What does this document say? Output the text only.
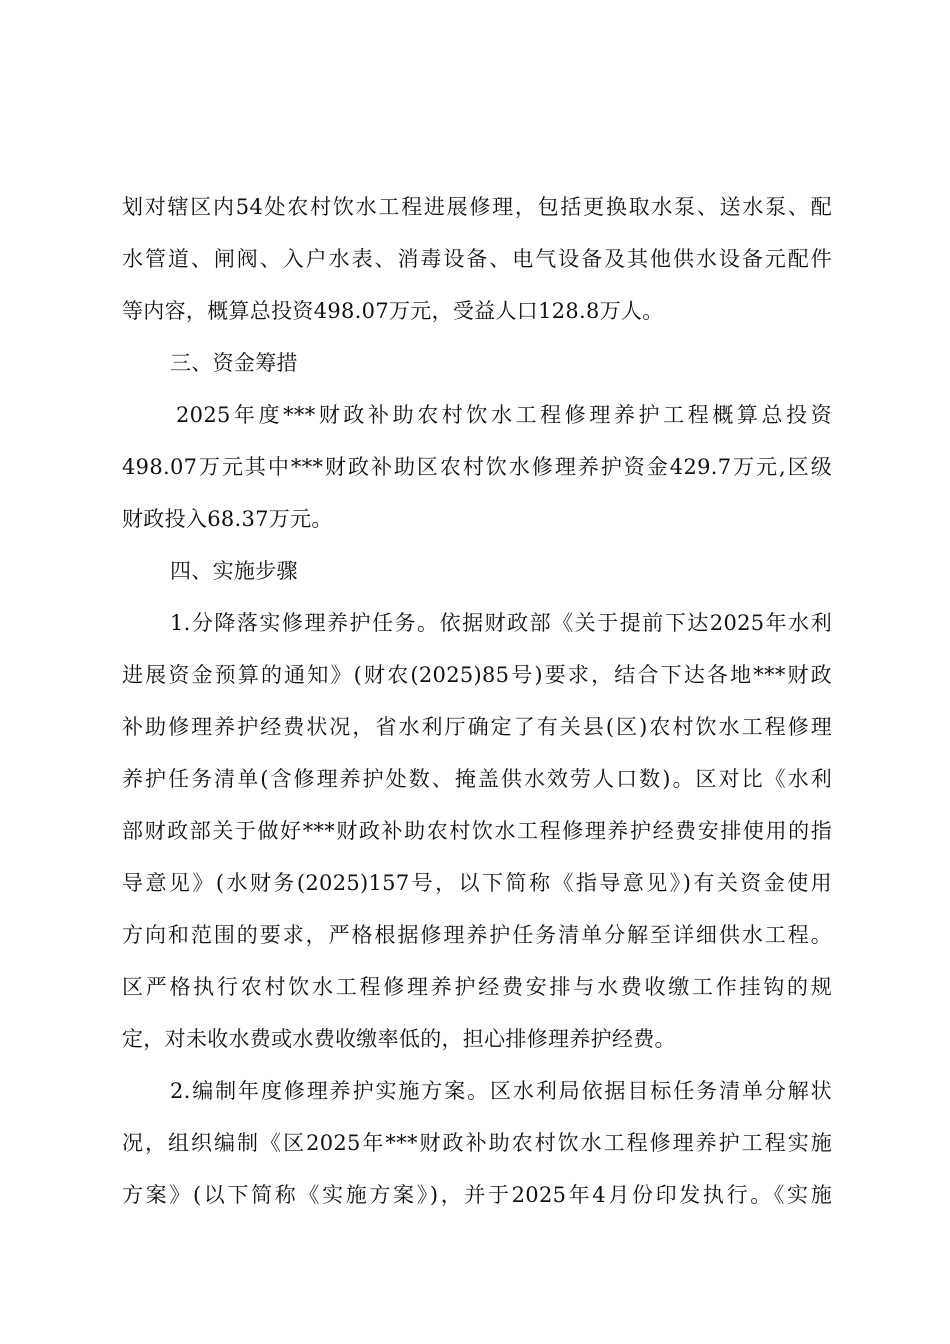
划对辖区内54处农村饮水工程进展修理，包括更换取水泵、送水泵、配
水管道、闸阀、入户水表、消毒设备、电气设备及其他供水设备元配件
等内容，概算总投资498.07万元，受益人口128.8万人。
三、资金筹措
2025年度***财政补助农村饮水工程修理养护工程概算总投资
498.07万元其中***财政补助区农村饮水修理养护资金429.7万元,区级
财政投入68.37万元。
四、实施步骤
1.分降落实修理养护任务。依据财政部《关于提前下达2025年水利
进展资金预算的通知》(财农(2025)85号)要求，结合下达各地***财政
补助修理养护经费状况，省水利厅确定了有关县(区)农村饮水工程修理
养护任务清单(含修理养护处数、掩盖供水效劳人口数)。区对比《水利
部财政部关于做好***财政补助农村饮水工程修理养护经费安排使用的指
导意见》(水财务(2025)157号，以下简称《指导意见》)有关资金使用
方向和范围的要求，严格根据修理养护任务清单分解至详细供水工程。
区严格执行农村饮水工程修理养护经费安排与水费收缴工作挂钩的规
定，对未收水费或水费收缴率低的，担心排修理养护经费。
2.编制年度修理养护实施方案。区水利局依据目标任务清单分解状
况，组织编制《区2025年***财政补助农村饮水工程修理养护工程实施
方案》(以下简称《实施方案》)，并于2025年4月份印发执行。《实施
